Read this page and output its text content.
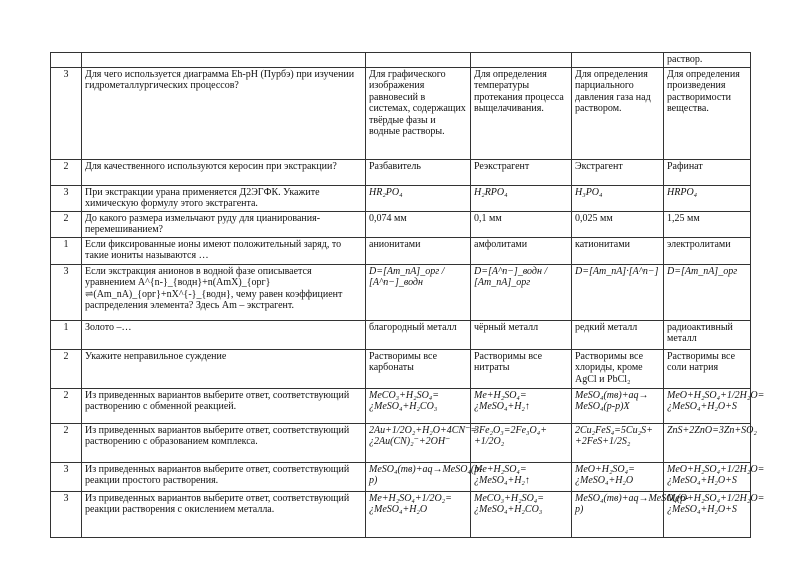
					раствор.
3	Для чего используется диаграмма Eh-pH (Пурбэ) при изучении гидрометаллургических процессов?	Для графического изображения равновесий в системах, содержащих твёрдые фазы и водные растворы.	Для определения температуры протекания процесса выщелачивания.	Для определения парциального давления газа над раствором.	Для определения произведения растворимости вещества.
2	Для качественного используются керосин при экстракции?	Разбавитель	Реэкстрагент	Экстрагент	Рафинат
3	При экстракции урана применяется Д2ЭГФК. Укажите химическую формулу этого экстрагента.	HR₂PO₄	H₂RPO₄	H₃PO₄	HRPO₄
2	До какого размера измельчают руду для цианирования-перемешиванием?	0,074 мм	0,1 мм	0,025 мм	1,25 мм
1	Если фиксированные ионы имеют положительный заряд, то такие иониты называются …	анионитами	амфолитами	катионитами	электролитами
3	Если экстракция анионов в водной фазе описывается уравнением A^{n-}_{водн}+n(AmX)_{орг}⇌(Am_nA)_{орг}+nX^{-}_{водн}, чему равен коэффициент распределения элемента? Здесь Am – экстрагент.	D=[Am_nA]_орг / [A^n−]_водн	D=[A^n−]_водн / [Am_nA]_орг	D=[Am_nA]·[A^n−]	D=[Am_nA]_орг
1	Золото –…	благородный металл	чёрный металл	редкий металл	радиоактивный металл
2	Укажите неправильное суждение	Растворимы все карбонаты	Растворимы все нитраты	Растворимы все хлориды, кроме AgCl и PbCl₂	Растворимы все соли натрия
2	Из приведенных вариантов выберите ответ, соответствующий растворению с обменной реакцией.	MeCO₃+H₂SO₄= ¿MeSO₄+H₂CO₃	Me+H₂SO₄= ¿MeSO₄+H₂↑	MeSO₄(тв)+aq→ MeSO₄(р-р)X	MeO+H₂SO₄+1/2H₂O= ¿MeSO₄+H₂O+S
2	Из приведенных вариантов выберите ответ, соответствующий растворению с образованием комплекса.	2Au+1/2O₂+H₂O+4CN⁻= ¿2Au(CN)₂⁻+2OH⁻	3Fe₂O₃=2Fe₃O₄+ +1/2O₂	2Cu₂FeS₄=5Cu₂S+ +2FeS+1/2S₂	ZnS+2ZnO=3Zn+SO₂
3	Из приведенных вариантов выберите ответ, соответствующий реакции простого растворения.	MeSO₄(тв)+aq→MeSO₄(р-р)	Me+H₂SO₄= ¿MeSO₄+H₂↑	MeO+H₂SO₄= ¿MeSO₄+H₂O	MeO+H₂SO₄+1/2H₂O= ¿MeSO₄+H₂O+S
3	Из приведенных вариантов выберите ответ, соответствующий реакции растворения с окислением металла.	Me+H₂SO₄+1/2O₂= ¿MeSO₄+H₂O	MeCO₃+H₂SO₄= ¿MeSO₄+H₂CO₃	MeSO₄(тв)+aq→MeSO₄(р-р)	MeO+H₂SO₄+1/2H₂O= ¿MeSO₄+H₂O+S
